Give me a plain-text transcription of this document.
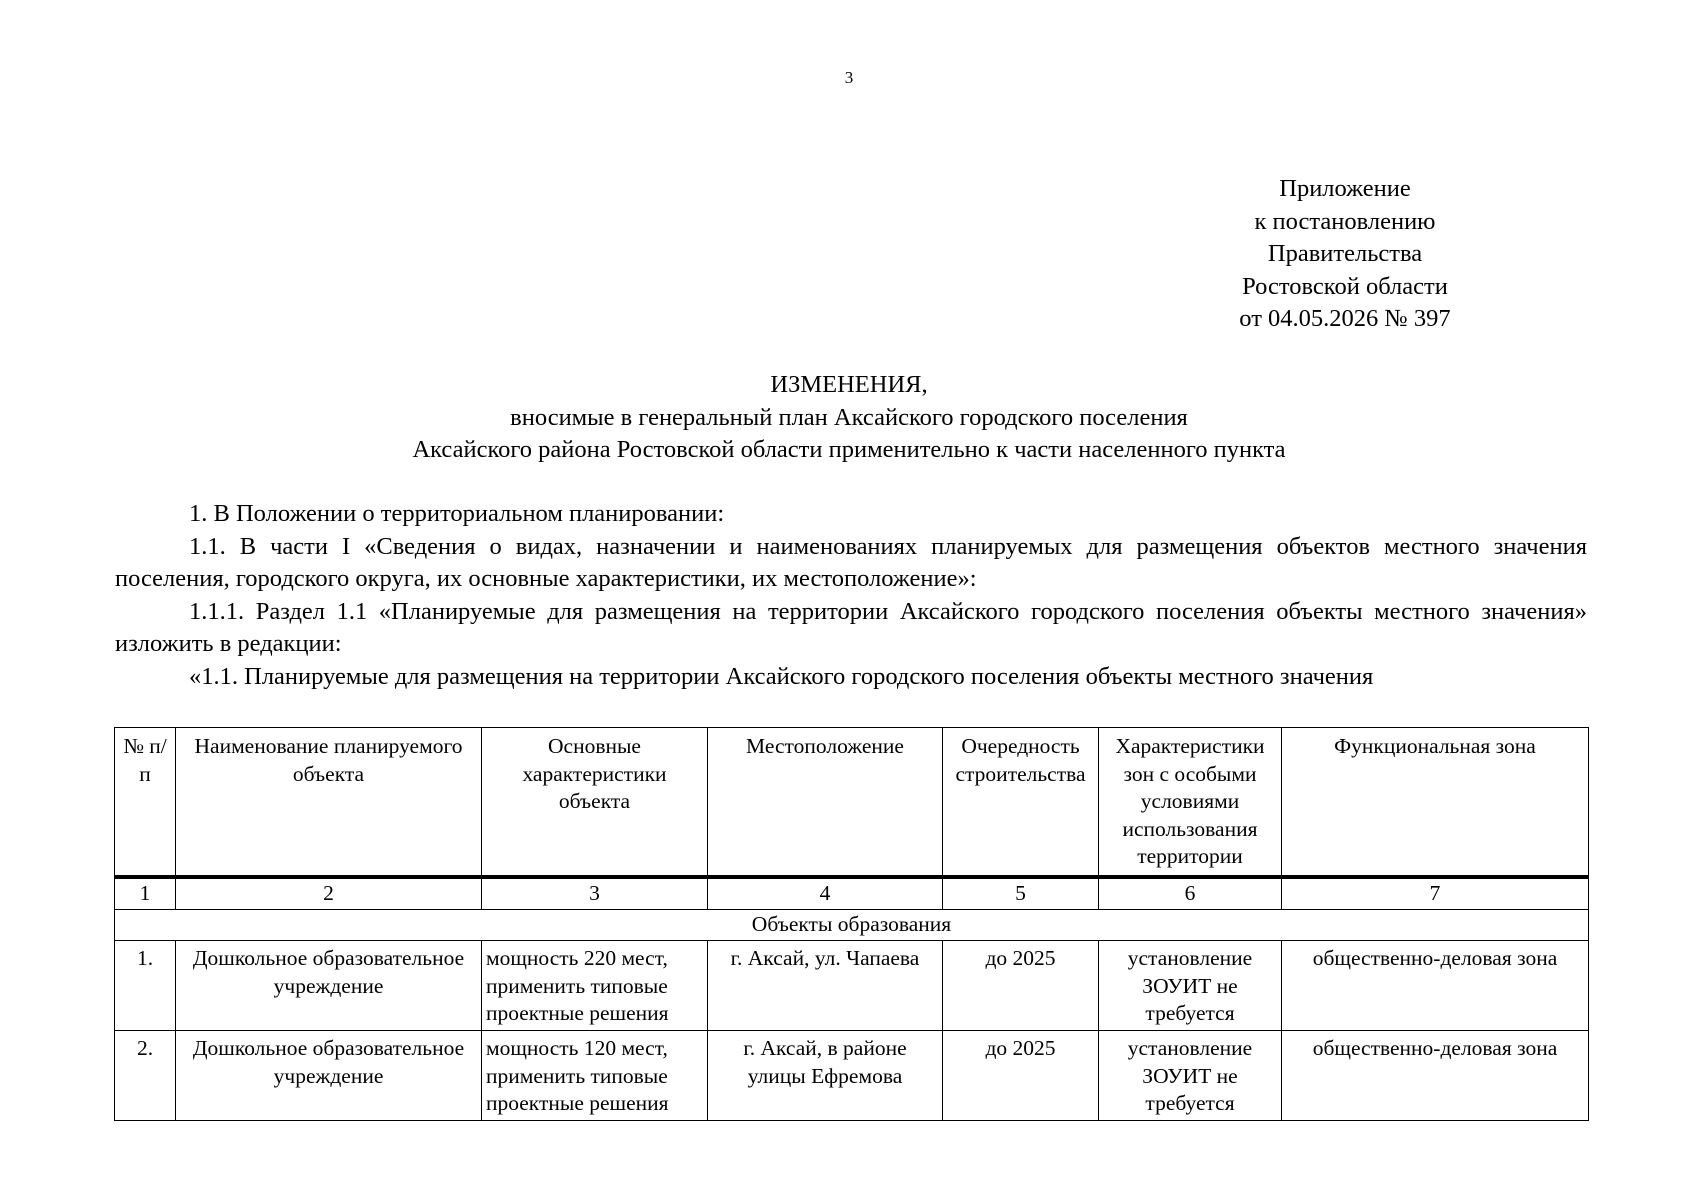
3
Приложение
к постановлению
Правительства
Ростовской области
от 04.05.2026 № 397
ИЗМЕНЕНИЯ,
вносимые в генеральный план Аксайского городского поселения
Аксайского района Ростовской области применительно к части населенного пункта

1. В Положении о территориальном планировании:

1.1. В части I «Сведения о видах, назначении и наименованиях планируемых для размещения объектов местного значения поселения, городского округа, их основные характеристики, их местоположение»:

1.1.1. Раздел 1.1 «Планируемые для размещения на территории Аксайского городского поселения объекты местного значения» изложить в редакции:

«1.1. Планируемые для размещения на территории Аксайского городского поселения объекты местного значения

№ п/п	Наименование планируемого объекта	Основные характеристики объекта	Местоположение	Очередность строительства	Характеристики зон с особыми условиями использования территории	Функциональная зона
1	2	3	4	5	6	7
Объекты образования						
1.	Дошкольное образовательное учреждение	мощность 220 мест, применить типовые проектные решения	г. Аксай, ул. Чапаева	до 2025	установление ЗОУИТ не требуется	общественно-деловая зона
2.	Дошкольное образовательное учреждение	мощность 120 мест, применить типовые проектные решения	г. Аксай, в районе улицы Ефремова	до 2025	установление ЗОУИТ не требуется	общественно-деловая зона
